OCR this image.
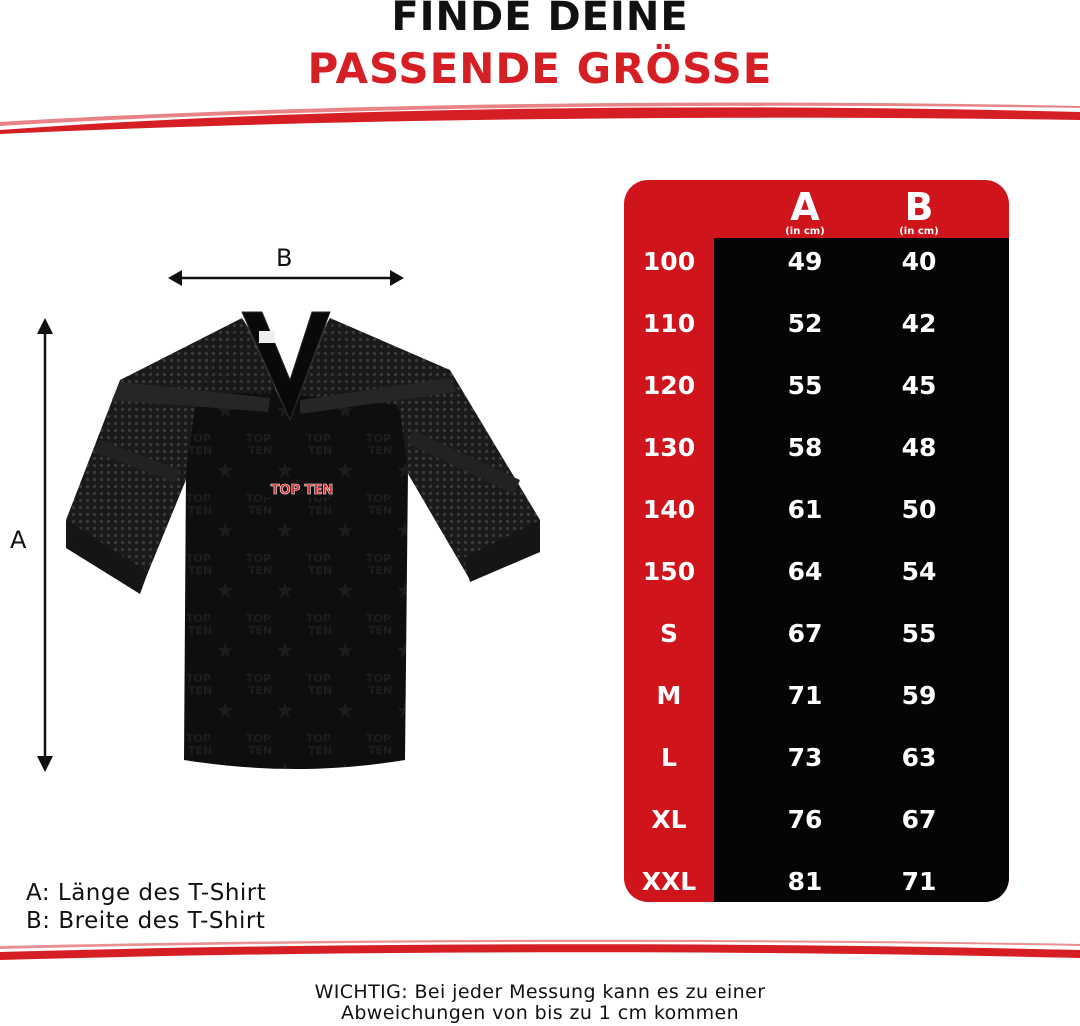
FINDE DEINE
PASSENDE GRÖSSE
TOP TEN
B
A
A: Länge des T-Shirt
B: Breite des T-Shirt
A
(in cm)
B
(in cm)
100	49	40
110	52	42
120	55	45
130	58	48
140	61	50
150	64	54
S	67	55
M	71	59
L	73	63
XL	76	67
XXL	81	71
WICHTIG: Bei jeder Messung kann es zu einer
Abweichungen von bis zu 1 cm kommen
